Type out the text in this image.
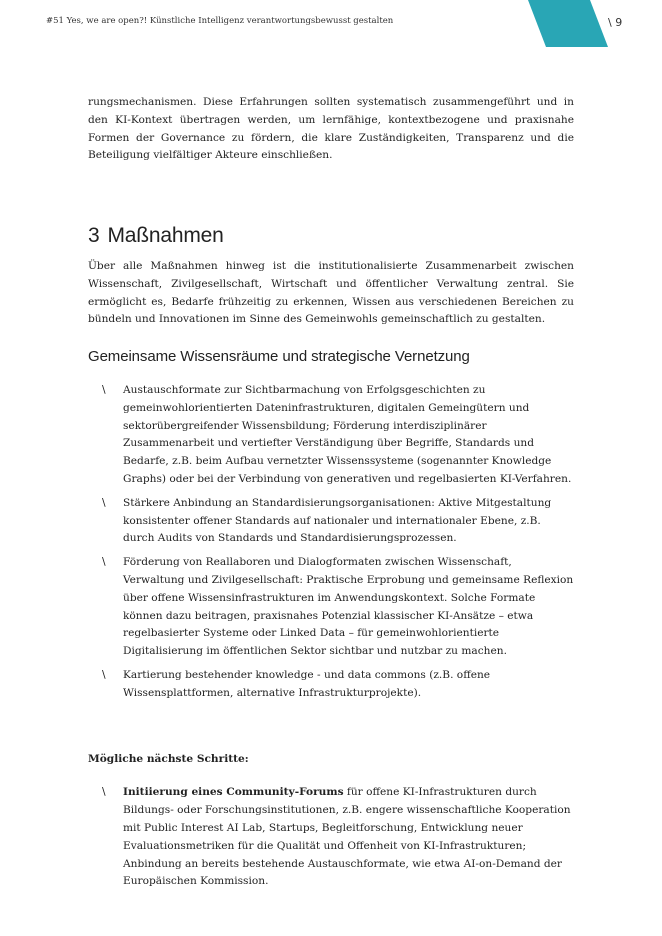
#51 Yes, we are open?! Künstliche Intelligenz verantwortungsbewusst gestalten	\ 9

rungsmechanismen. Diese Erfahrungen sollten systematisch zusammengeführt und in den KI-Kontext übertragen werden, um lernfähige, kontextbezogene und praxisnahe Formen der Governance zu fördern, die klare Zuständigkeiten, Transparenz und die Beteiligung vielfältiger Akteure einschließen.

3 Maßnahmen

Über alle Maßnahmen hinweg ist die institutionalisierte Zusammenarbeit zwischen Wissenschaft, Zivilgesellschaft, Wirtschaft und öffentlicher Verwaltung zentral. Sie ermöglicht es, Bedarfe frühzeitig zu erkennen, Wissen aus verschiedenen Bereichen zu bündeln und Innovationen im Sinne des Gemeinwohls gemeinschaftlich zu gestalten.

Gemeinsame Wissensräume und strategische Vernetzung
\ Austauschformate zur Sichtbarmachung von Erfolgsgeschichten zu gemeinwohlorientierten Dateninfrastrukturen, digitalen Gemeingütern und sektorübergreifender Wissensbildung; Förderung interdisziplinärer Zusammenarbeit und vertiefter Verständigung über Begriffe, Standards und Bedarfe, z.B. beim Aufbau vernetzter Wissenssysteme (sogenannter Knowledge Graphs) oder bei der Verbindung von generativen und regelbasierten KI-Verfahren.
\ Stärkere Anbindung an Standardisierungsorganisationen: Aktive Mitgestaltung konsistenter offener Standards auf nationaler und internationaler Ebene, z.B. durch Audits von Standards und Standardisierungsprozessen.
\ Förderung von Reallaboren und Dialogformaten zwischen Wissenschaft, Verwaltung und Zivilgesellschaft: Praktische Erprobung und gemeinsame Reflexion über offene Wissensinfrastrukturen im Anwendungskontext. Solche Formate können dazu beitragen, praxisnahes Potenzial klassischer KI-Ansätze – etwa regelbasierter Systeme oder Linked Data – für gemeinwohlorientierte Digitalisierung im öffentlichen Sektor sichtbar und nutzbar zu machen.
\ Kartierung bestehender knowledge - und data commons (z.B. offene Wissensplattformen, alternative Infrastrukturprojekte).
Mögliche nächste Schritte:
\ Initiierung eines Community-Forums für offene KI-Infrastrukturen durch Bildungs- oder Forschungsinstitutionen, z.B. engere wissenschaftliche Kooperation mit Public Interest AI Lab, Startups, Begleitforschung, Entwicklung neuer Evaluationsmetriken für die Qualität und Offenheit von KI-Infrastrukturen; Anbindung an bereits bestehende Austauschformate, wie etwa AI-on-Demand der Europäischen Kommission.
